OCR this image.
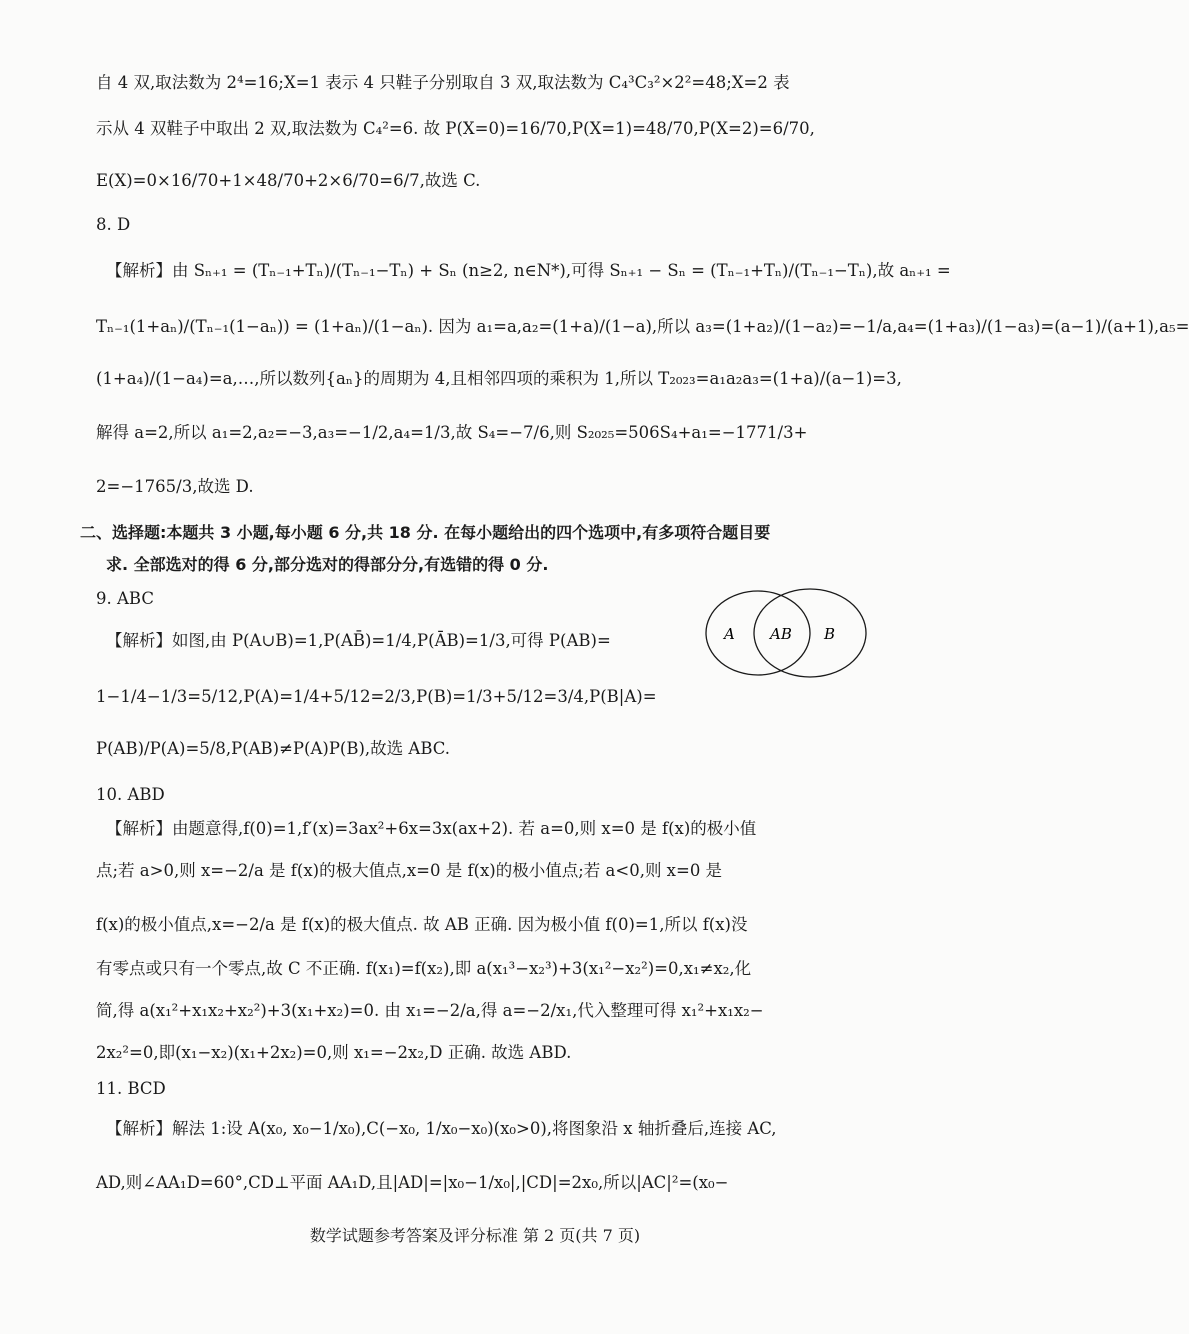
自 4 双,取法数为 2⁴=16;X=1 表示 4 只鞋子分别取自 3 双,取法数为 C₄³C₃²×2²=48;X=2 表
示从 4 双鞋子中取出 2 双,取法数为 C₄²=6. 故 P(X=0)=16/70,P(X=1)=48/70,P(X=2)=6/70,
E(X)=0×16/70+1×48/70+2×6/70=6/7,故选 C.
8. D
【解析】由 Sₙ₊₁ = (Tₙ₋₁+Tₙ)/(Tₙ₋₁−Tₙ) + Sₙ (n≥2, n∈N*),可得 Sₙ₊₁ − Sₙ = (Tₙ₋₁+Tₙ)/(Tₙ₋₁−Tₙ),故 aₙ₊₁ =
Tₙ₋₁(1+aₙ)/(Tₙ₋₁(1−aₙ)) = (1+aₙ)/(1−aₙ). 因为 a₁=a,a₂=(1+a)/(1−a),所以 a₃=(1+a₂)/(1−a₂)=−1/a,a₄=(1+a₃)/(1−a₃)=(a−1)/(a+1),a₅=
(1+a₄)/(1−a₄)=a,…,所以数列{aₙ}的周期为 4,且相邻四项的乘积为 1,所以 T₂₀₂₃=a₁a₂a₃=(1+a)/(a−1)=3,
解得 a=2,所以 a₁=2,a₂=−3,a₃=−1/2,a₄=1/3,故 S₄=−7/6,则 S₂₀₂₅=506S₄+a₁=−1771/3+
2=−1765/3,故选 D.
二、选择题:本题共 3 小题,每小题 6 分,共 18 分. 在每小题给出的四个选项中,有多项符合题目要
求. 全部选对的得 6 分,部分选对的得部分分,有选错的得 0 分.
9. ABC
【解析】如图,由 P(A∪B)=1,P(AB̄)=1/4,P(ĀB)=1/3,可得 P(AB)=
1−1/4−1/3=5/12,P(A)=1/4+5/12=2/3,P(B)=1/3+5/12=3/4,P(B|A)=
P(AB)/P(A)=5/8,P(AB)≠P(A)P(B),故选 ABC.
A AB B
10. ABD
【解析】由题意得,f(0)=1,f′(x)=3ax²+6x=3x(ax+2). 若 a=0,则 x=0 是 f(x)的极小值
点;若 a>0,则 x=−2/a 是 f(x)的极大值点,x=0 是 f(x)的极小值点;若 a<0,则 x=0 是
f(x)的极小值点,x=−2/a 是 f(x)的极大值点. 故 AB 正确. 因为极小值 f(0)=1,所以 f(x)没
有零点或只有一个零点,故 C 不正确. f(x₁)=f(x₂),即 a(x₁³−x₂³)+3(x₁²−x₂²)=0,x₁≠x₂,化
简,得 a(x₁²+x₁x₂+x₂²)+3(x₁+x₂)=0. 由 x₁=−2/a,得 a=−2/x₁,代入整理可得 x₁²+x₁x₂−
2x₂²=0,即(x₁−x₂)(x₁+2x₂)=0,则 x₁=−2x₂,D 正确. 故选 ABD.
11. BCD
【解析】解法 1:设 A(x₀, x₀−1/x₀),C(−x₀, 1/x₀−x₀)(x₀>0),将图象沿 x 轴折叠后,连接 AC,
AD,则∠AA₁D=60°,CD⊥平面 AA₁D,且|AD|=|x₀−1/x₀|,|CD|=2x₀,所以|AC|²=(x₀−
数学试题参考答案及评分标准 第 2 页(共 7 页)
